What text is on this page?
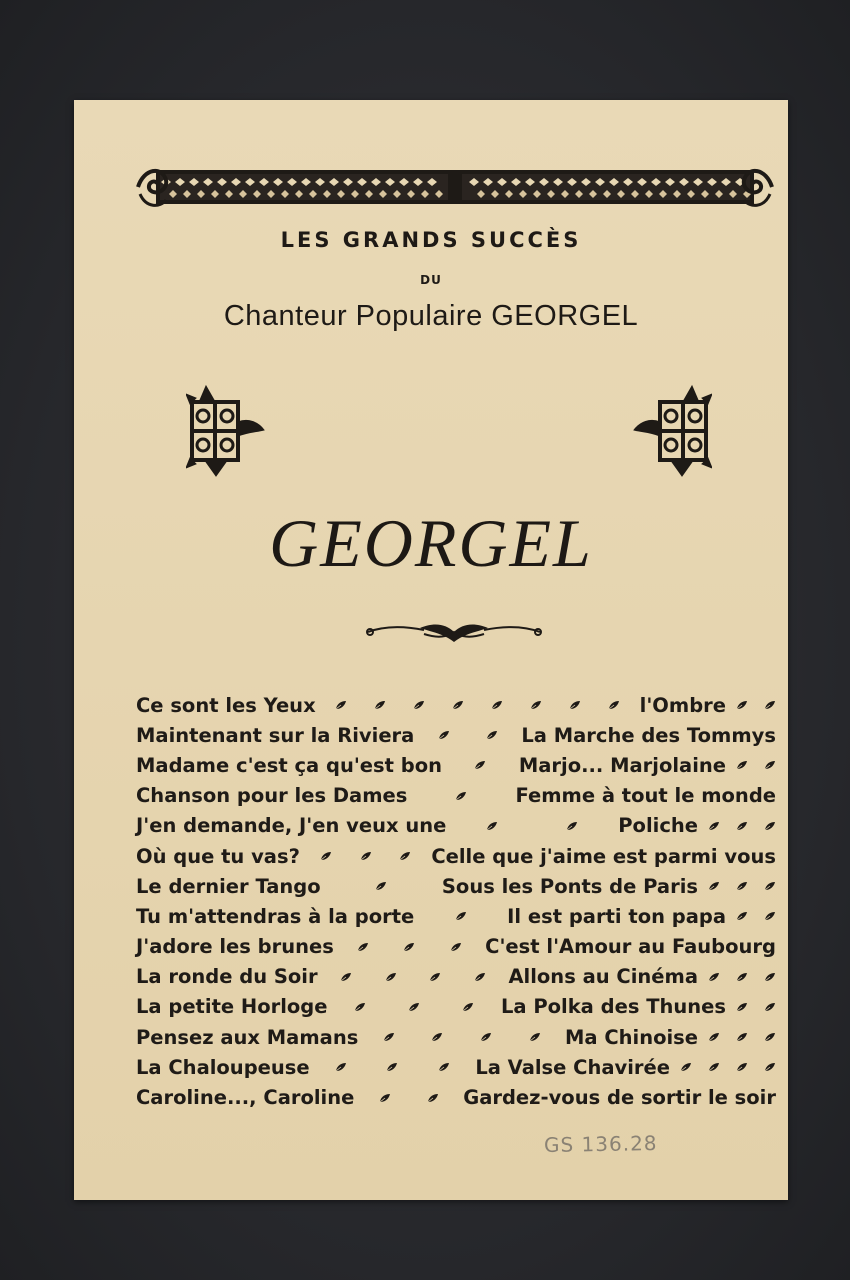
LES GRANDS SUCCÈS
DU
Chanteur Populaire GEORGEL
GEORGEL
Ce sont les Yeux	l'Ombre
Maintenant sur la Riviera	La Marche des Tommys
Madame c'est ça qu'est bon	Marjo... Marjolaine
Chanson pour les Dames	Femme à tout le monde
J'en demande, J'en veux une	Poliche
Où que tu vas?	Celle que j'aime est parmi vous
Le dernier Tango	Sous les Ponts de Paris
Tu m'attendras à la porte	Il est parti ton papa
J'adore les brunes	C'est l'Amour au Faubourg
La ronde du Soir	Allons au Cinéma
La petite Horloge	La Polka des Thunes
Pensez aux Mamans	Ma Chinoise
La Chaloupeuse	La Valse Chavirée
Caroline..., Caroline	Gardez-vous de sortir le soir
GS 136.28
